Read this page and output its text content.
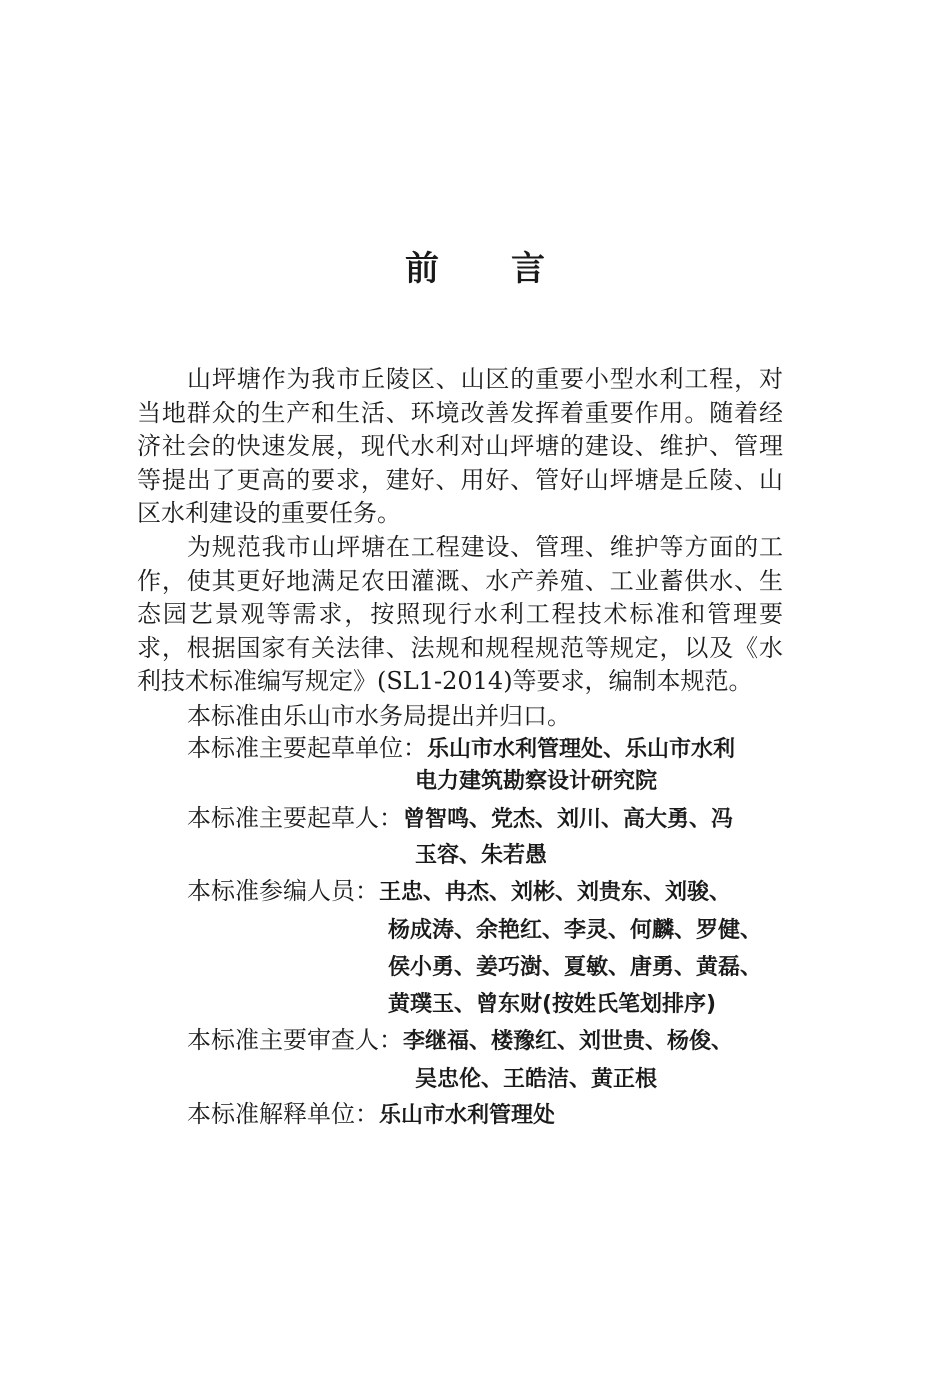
前 言

山坪塘作为我市丘陵区、山区的重要小型水利工程，对当地群众的生产和生活、环境改善发挥着重要作用。随着经济社会的快速发展，现代水利对山坪塘的建设、维护、管理等提出了更高的要求，建好、用好、管好山坪塘是丘陵、山区水利建设的重要任务。

为规范我市山坪塘在工程建设、管理、维护等方面的工作，使其更好地满足农田灌溉、水产养殖、工业蓄供水、生态园艺景观等需求，按照现行水利工程技术标准和管理要求，根据国家有关法律、法规和规程规范等规定，以及《水利技术标准编写规定》(SL1-2014)等要求，编制本规范。

本标准由乐山市水务局提出并归口。
本标准主要起草单位：乐山市水利管理处、乐山市水利
电力建筑勘察设计研究院
本标准主要起草人：曾智鸣、党杰、刘川、高大勇、冯
玉容、朱若愚
本标准参编人员：王忠、冉杰、刘彬、刘贵东、刘骏、
杨成涛、余艳红、李灵、何麟、罗健、
侯小勇、姜巧澍、夏敏、唐勇、黄磊、
黄璞玉、曾东财(按姓氏笔划排序)
本标准主要审查人：李继福、楼豫红、刘世贵、杨俊、
吴忠伦、王皓洁、黄正根
本标准解释单位：乐山市水利管理处
